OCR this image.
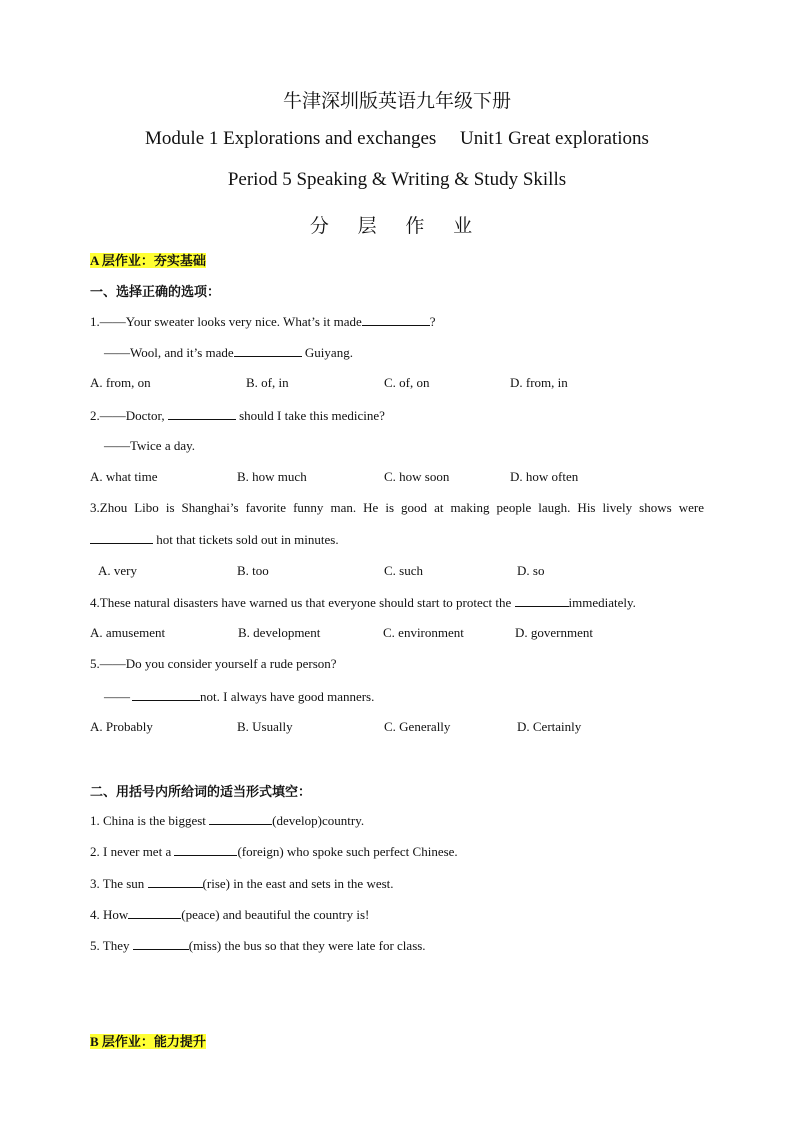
牛津深圳版英语九年级下册
Module 1 Explorations and exchanges     Unit1 Great explorations
Period 5 Speaking & Writing & Study Skills
分 层 作 业
A 层作业：夯实基础
一、选择正确的选项：
1.——Your sweater looks very nice. What’s it made	?
——Wool, and it’s made	Guiyang.
A. from, on	B. of, in	C. of, on	D. from, in
2.——Doctor,	should I take this medicine?
——Twice a day.
A. what time	B. how much	C. how soon	D. how often
3.Zhou Libo is Shanghai’s favorite funny man. He is good at making people laugh. His lively shows were
hot that tickets sold out in minutes.
A. very	B. too	C. such	D. so
4.These natural disasters have warned us that everyone should start to protect the	immediately.
A. amusement	B. development	C. environment	D. government
5.——Do you consider yourself a rude person?
——	not. I always have good manners.
A. Probably	B. Usually	C. Generally	D. Certainly
二、用括号内所给词的适当形式填空：
1. China is the biggest	(develop)country.
2. I never met a	(foreign) who spoke such perfect Chinese.
3. The sun	(rise) in the east and sets in the west.
4. How	(peace) and beautiful the country is!
5. They	(miss) the bus so that they were late for class.
B 层作业：能力提升
